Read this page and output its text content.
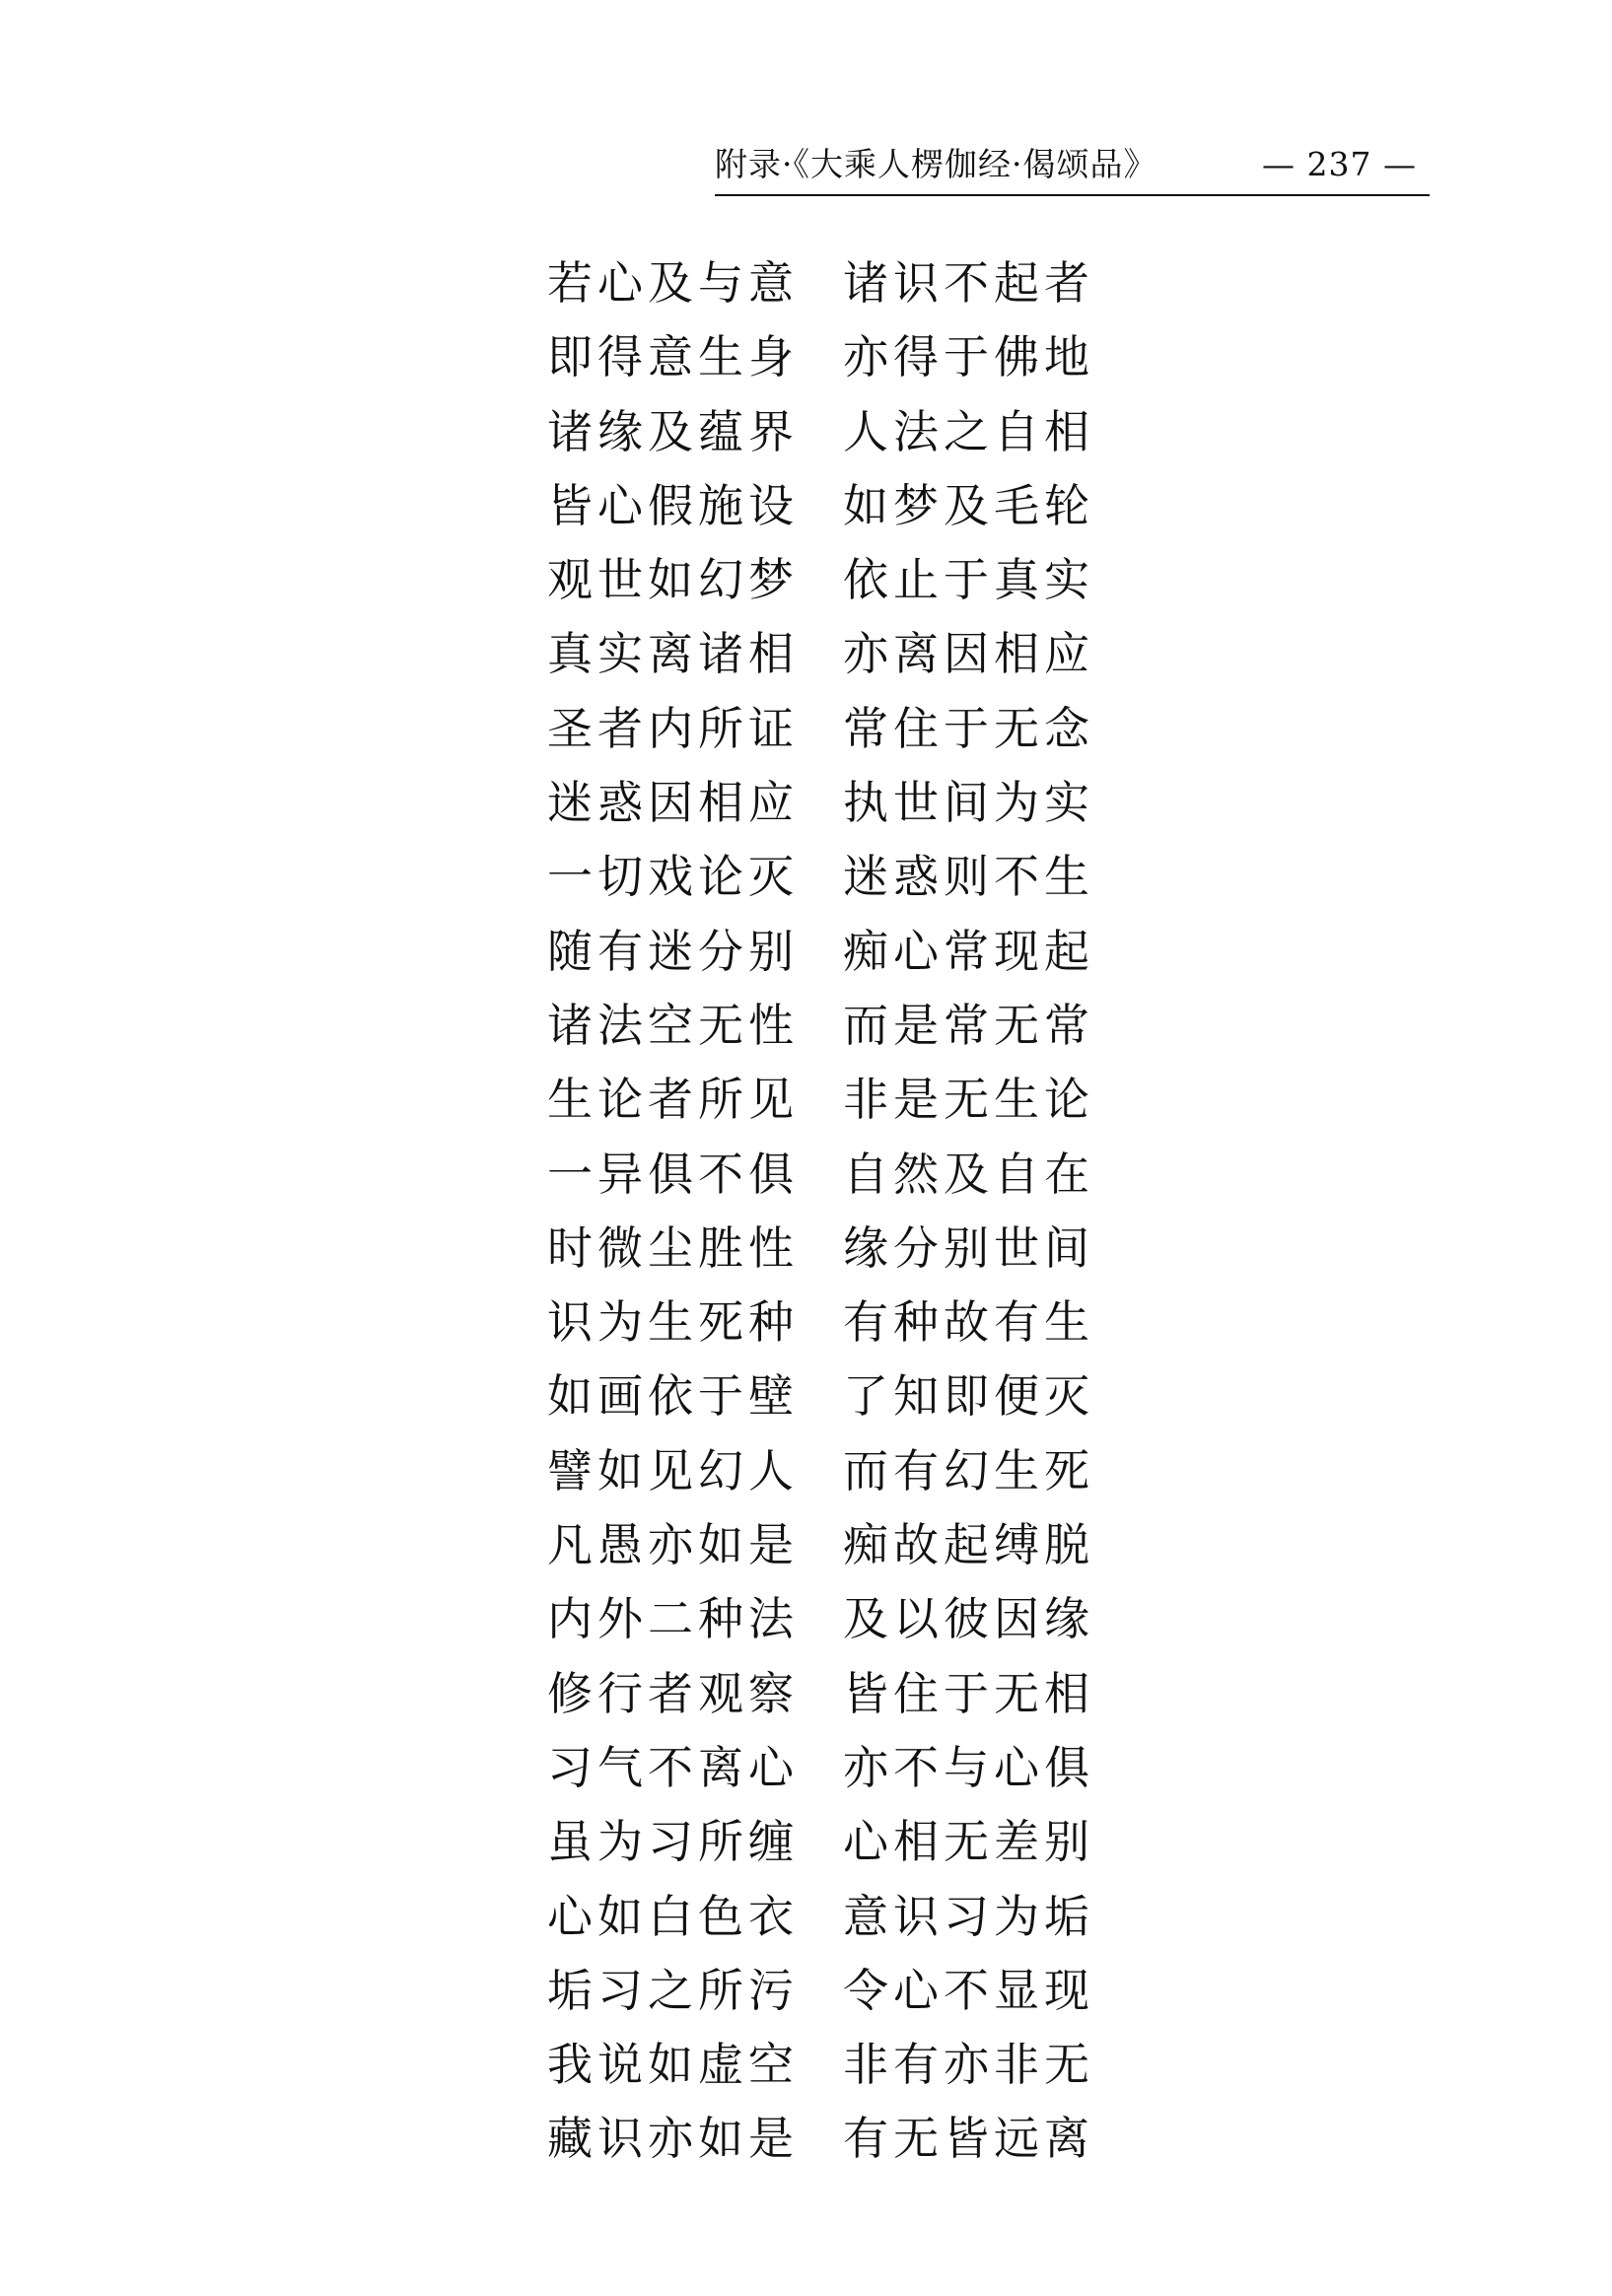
附录·《大乘人楞伽经·偈颂品》	— 237 —
若心及与意 诸识不起者
即得意生身 亦得于佛地
诸缘及蕴界 人法之自相
皆心假施设 如梦及毛轮
观世如幻梦 依止于真实
真实离诸相 亦离因相应
圣者内所证 常住于无念
迷惑因相应 执世间为实
一切戏论灭 迷惑则不生
随有迷分别 痴心常现起
诸法空无性 而是常无常
生论者所见 非是无生论
一异俱不俱 自然及自在
时微尘胜性 缘分别世间
识为生死种 有种故有生
如画依于壁 了知即便灭
譬如见幻人 而有幻生死
凡愚亦如是 痴故起缚脱
内外二种法 及以彼因缘
修行者观察 皆住于无相
习气不离心 亦不与心俱
虽为习所缠 心相无差别
心如白色衣 意识习为垢
垢习之所污 令心不显现
我说如虚空 非有亦非无
藏识亦如是 有无皆远离
